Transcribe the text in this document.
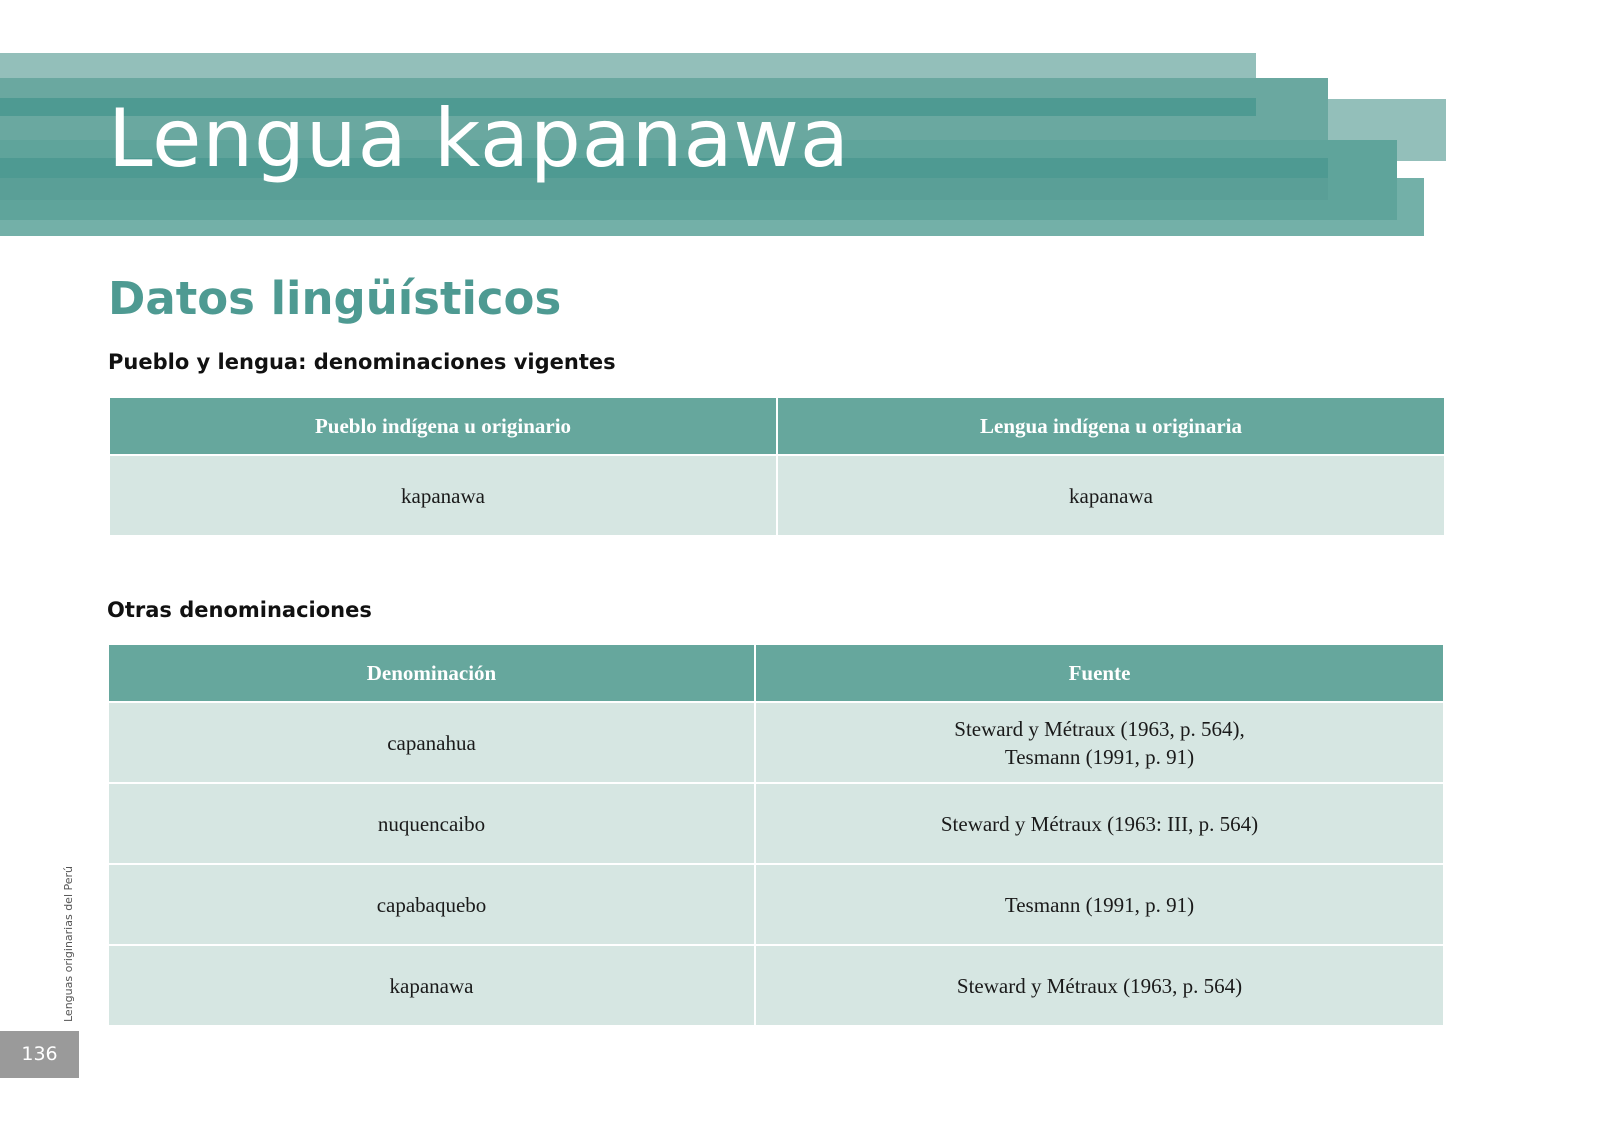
Lengua kapanawa
Datos lingüísticos
Pueblo y lengua: denominaciones vigentes
Pueblo indígena u originario	Lengua indígena u originaria
kapanawa	kapanawa
Otras denominaciones
Denominación	Fuente
capanahua	Steward y Métraux (1963, p. 564),
Tesmann (1991, p. 91)
nuquencaibo	Steward y Métraux (1963: III, p. 564)
capabaquebo	Tesmann (1991, p. 91)
kapanawa	Steward y Métraux (1963, p. 564)
Lenguas originarias del Perú
136
